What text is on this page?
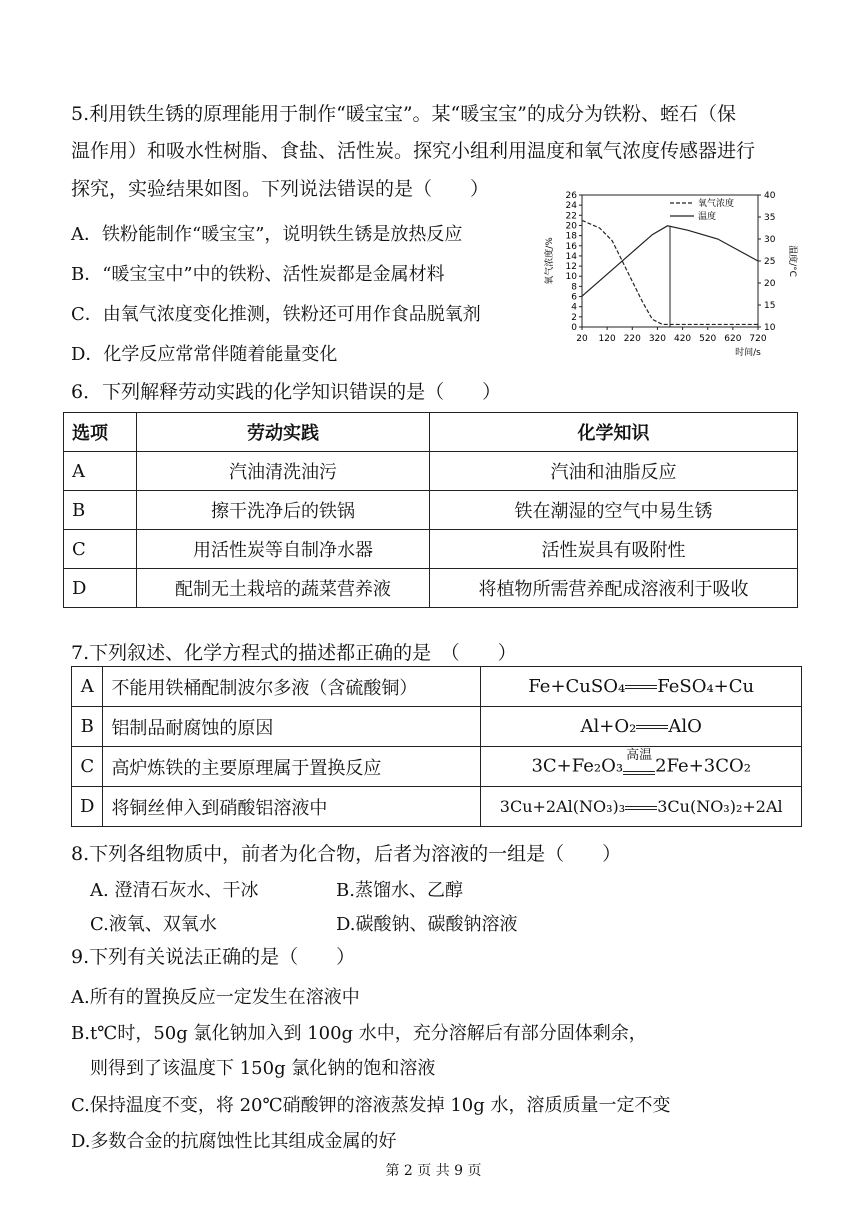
5.利用铁生锈的原理能用于制作“暖宝宝”。某“暖宝宝”的成分为铁粉、蛭石（保
温作用）和吸水性树脂、食盐、活性炭。探究小组利用温度和氧气浓度传感器进行
探究，实验结果如图。下列说法错误的是（　　）
A．铁粉能制作“暖宝宝”，说明铁生锈是放热反应
B．“暖宝宝中”中的铁粉、活性炭都是金属材料
C．由氧气浓度变化推测，铁粉还可用作食品脱氧剂
D．化学反应常常伴随着能量变化
0
2
4
6
8
10
12
14
16
18
20
22
24
26
10
15
20
25
30
35
40
20 120 220 320 420 520 620 720
时间/s
氧气浓度/%	温度/°C
氧气浓度
温度
6．下列解释劳动实践的化学知识错误的是（　　）
选项	劳动实践	化学知识
A	汽油清洗油污	汽油和油脂反应
B	擦干洗净后的铁锅	铁在潮湿的空气中易生锈
C	用活性炭等自制净水器	活性炭具有吸附性
D	配制无土栽培的蔬菜营养液	将植物所需营养配成溶液利于吸收
7.下列叙述、化学方程式的描述都正确的是　（　　）
A	不能用铁桶配制波尔多液（含硫酸铜）	Fe+CuSO₄ FeSO₄+Cu
B	铝制品耐腐蚀的原因	Al+O₂ AlO
C	高炉炼铁的主要原理属于置换反应	3C+Fe₂O₃ 高温 2Fe+3CO₂
D	将铜丝伸入到硝酸铝溶液中	3Cu+2Al(NO₃)₃ 3Cu(NO₃)₂+2Al
8.下列各组物质中，前者为化合物，后者为溶液的一组是（　　）
A. 澄清石灰水、干冰	B.蒸馏水、乙醇
C.液氧、双氧水	D.碳酸钠、碳酸钠溶液
9.下列有关说法正确的是（　　）
A.所有的置换反应一定发生在溶液中
B.t℃时，50g 氯化钠加入到 100g 水中，充分溶解后有部分固体剩余，
则得到了该温度下 150g 氯化钠的饱和溶液
C.保持温度不变，将 20℃硝酸钾的溶液蒸发掉 10g 水，溶质质量一定不变
D.多数合金的抗腐蚀性比其组成金属的好
第 2 页 共 9 页
